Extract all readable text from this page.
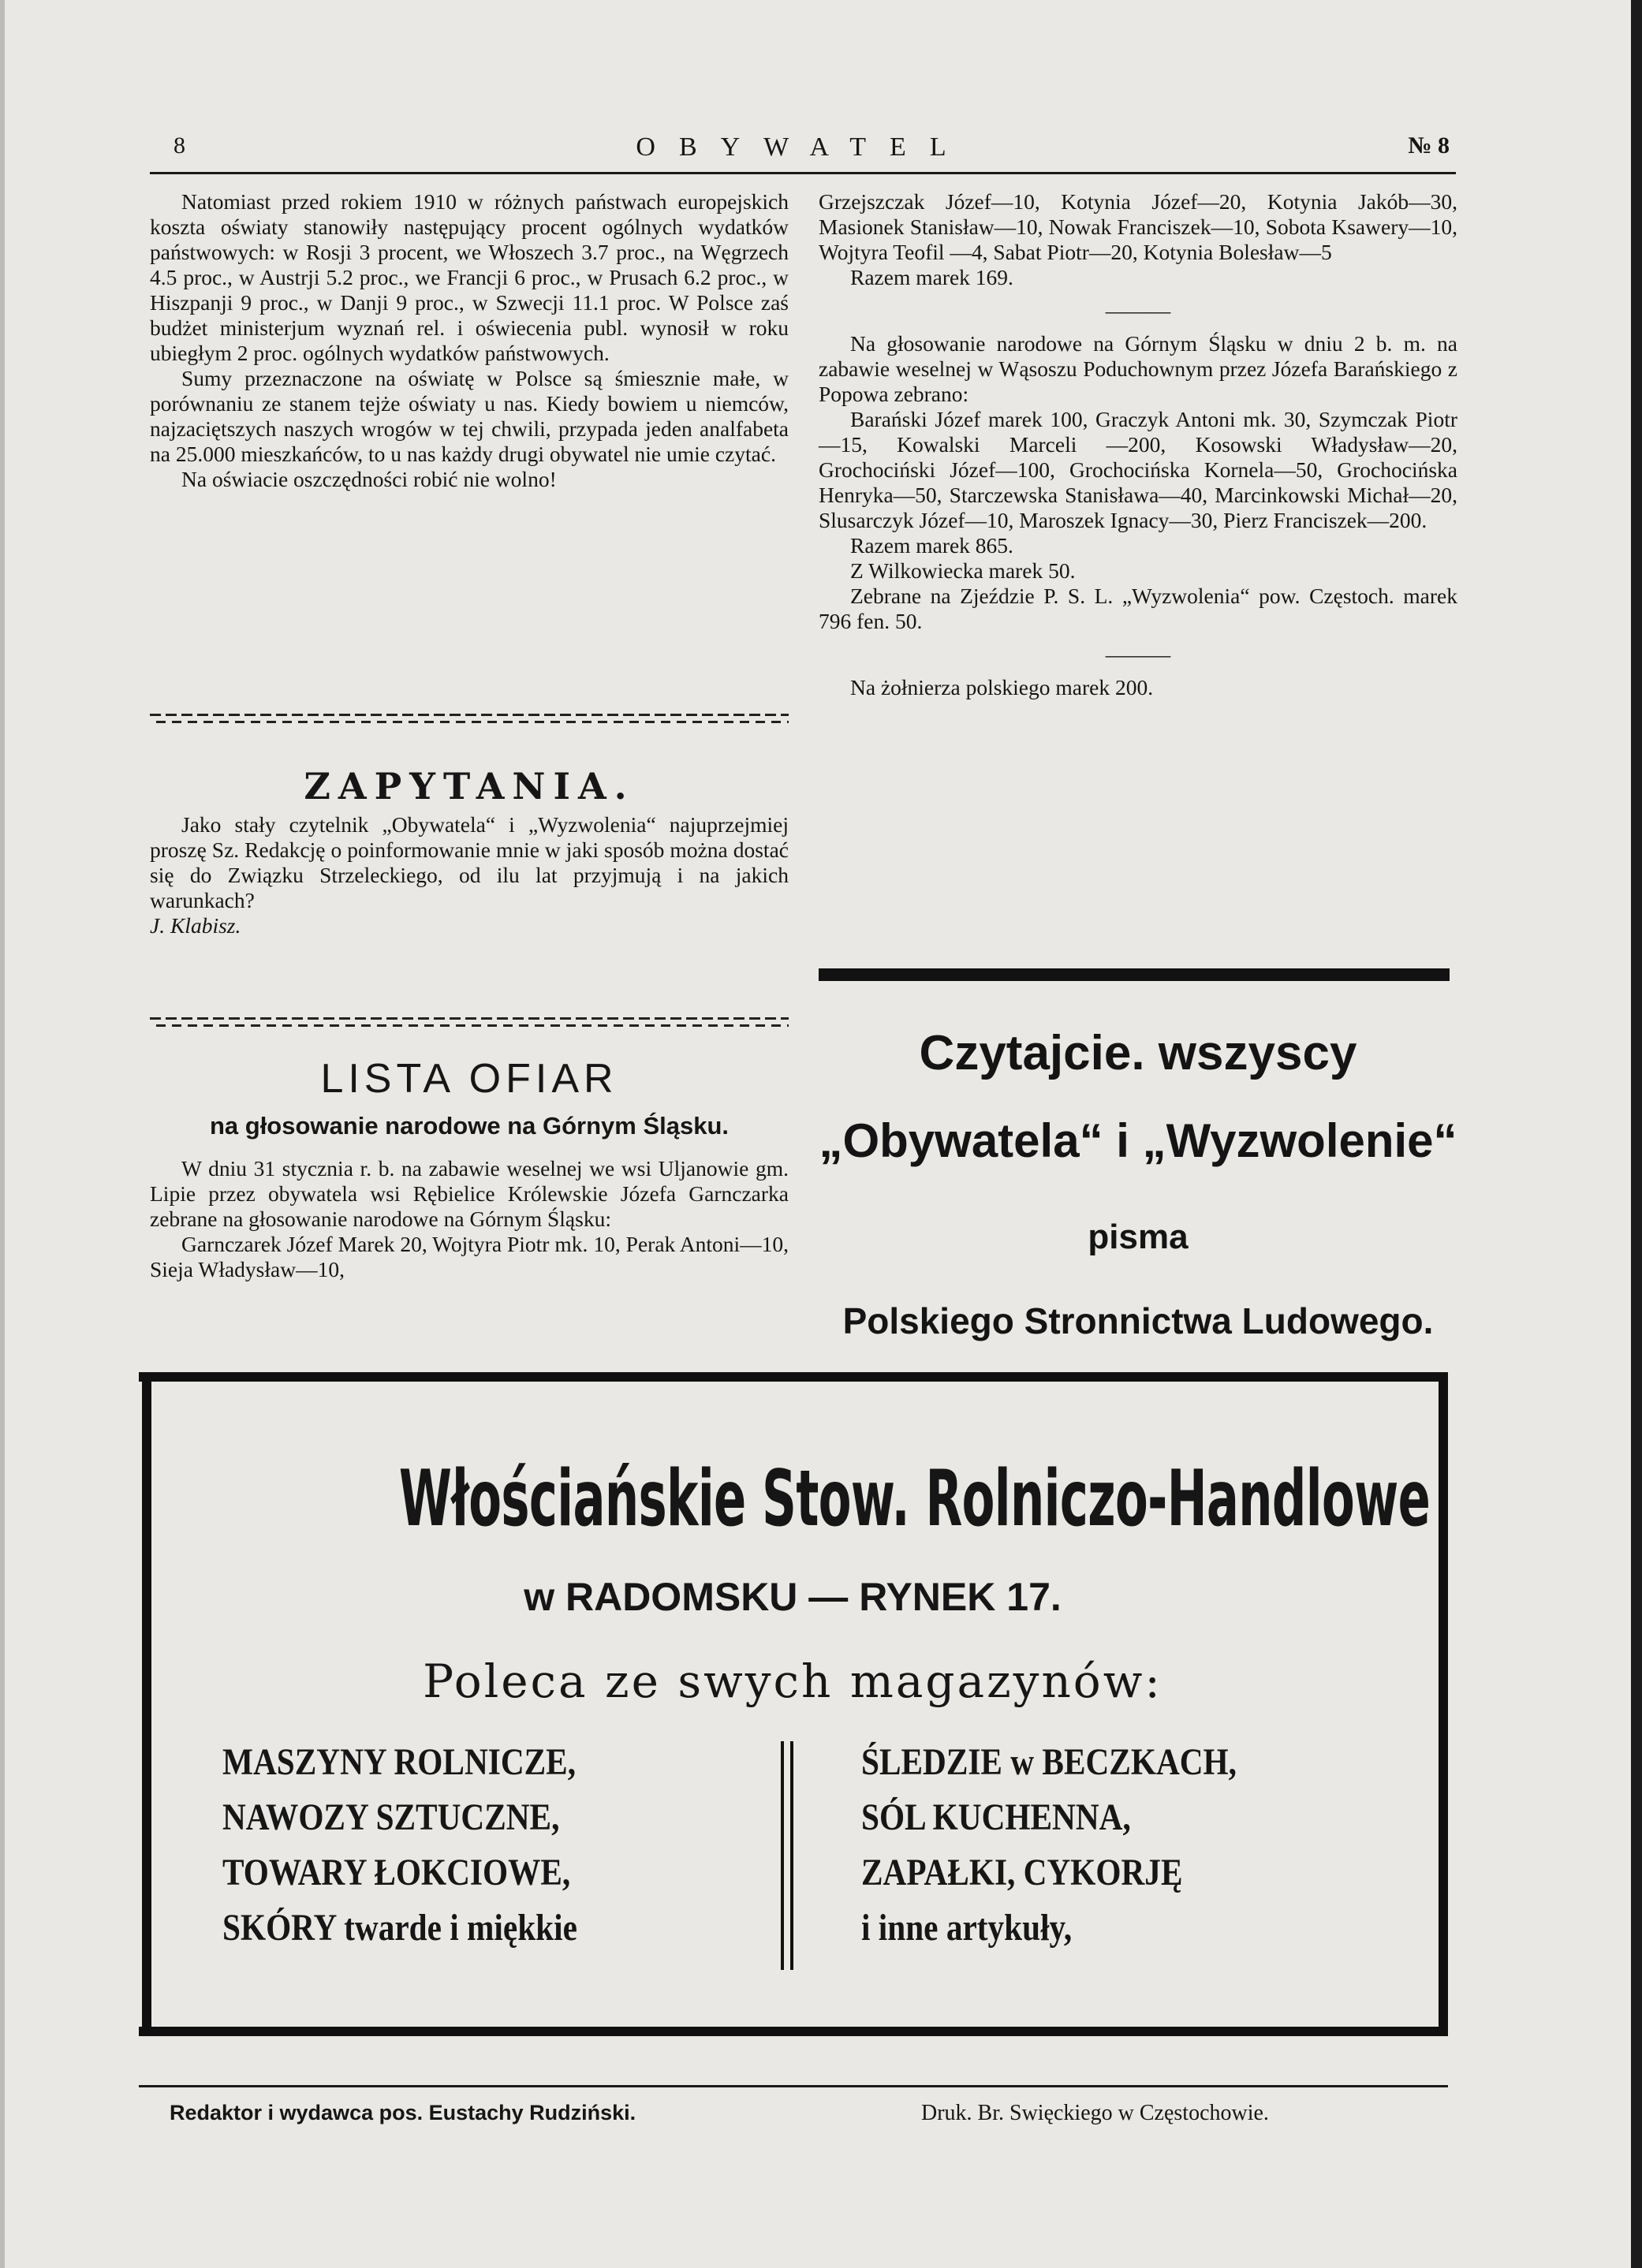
8	OBYWATEL	№ 8

Natomiast przed rokiem 1910 w różnych państwach europejskich koszta oświaty stanowiły następujący procent ogólnych wydatków państwowych: w Rosji 3 procent, we Włoszech 3.7 proc., na Węgrzech 4.5 proc., w Austrji 5.2 proc., we Francji 6 proc., w Prusach 6.2 proc., w Hiszpanji 9 proc., w Danji 9 proc., w Szwecji 11.1 proc. W Polsce zaś budżet ministerjum wyznań rel. i oświecenia publ. wynosił w roku ubiegłym 2 proc. ogólnych wydatków państwowych.

Sumy przeznaczone na oświatę w Polsce są śmiesznie małe, w porównaniu ze stanem tejże oświaty u nas. Kiedy bowiem u niemców, najzaciętszych naszych wrogów w tej chwili, przypada jeden analfabeta na 25.000 mieszkańców, to u nas każdy drugi obywatel nie umie czytać.

Na oświacie oszczędności robić nie wolno!

ZAPYTANIA.

Jako stały czytelnik „Obywatela“ i „Wyzwolenia“ najuprzejmiej proszę Sz. Redakcję o poinformowanie mnie w jaki sposób można dostać się do Związku Strzeleckiego, od ilu lat przyjmują i na jakich warunkach?

J. Klabisz.

LISTA OFIAR
na głosowanie narodowe na Górnym Śląsku.

W dniu 31 stycznia r. b. na zabawie weselnej we wsi Uljanowie gm. Lipie przez obywatela wsi Rębielice Królewskie Józefa Garnczarka zebrane na głosowanie narodowe na Górnym Śląsku:

Garnczarek Józef Marek 20, Wojtyra Piotr mk. 10, Perak Antoni—10, Sieja Władysław—10,

Grzejszczak Józef—10, Kotynia Józef—20, Kotynia Jakób—30, Masionek Stanisław—10, Nowak Franciszek—10, Sobota Ksawery—10, Wojtyra Teofil —4, Sabat Piotr—20, Kotynia Bolesław—5

Razem marek 169.

———

Na głosowanie narodowe na Górnym Śląsku w dniu 2 b. m. na zabawie weselnej w Wąsoszu Poduchownym przez Józefa Barańskiego z Popowa zebrano:

Barański Józef marek 100, Graczyk Antoni mk. 30, Szymczak Piotr—15, Kowalski Marceli —200, Kosowski Władysław—20, Grochociński Józef—100, Grochocińska Kornela—50, Grochocińska Henryka—50, Starczewska Stanisława—40, Marcinkowski Michał—20, Slusarczyk Józef—10, Maroszek Ignacy—30, Pierz Franciszek—200.

Razem marek 865.

Z Wilkowiecka marek 50.

Zebrane na Zjeździe P. S. L. „Wyzwolenia“ pow. Częstoch. marek 796 fen. 50.

———

Na żołnierza polskiego marek 200.

Czytajcie. wszyscy
„Obywatela“ i „Wyzwolenie“
pisma
Polskiego Stronnictwa Ludowego.
Włościańskie Stow. Rolniczo-Handlowe
w RADOMSKU — RYNEK 17.
Poleca ze swych magazynów:
MASZYNY ROLNICZE,
NAWOZY SZTUCZNE,
TOWARY ŁOKCIOWE,
SKÓRY twarde i miękkie
ŚLEDZIE w BECZKACH,
SÓL KUCHENNA,
ZAPAŁKI, CYKORJĘ
i inne artykuły,
Redaktor i wydawca pos. Eustachy Rudziński.	Druk. Br. Swięckiego w Częstochowie.
